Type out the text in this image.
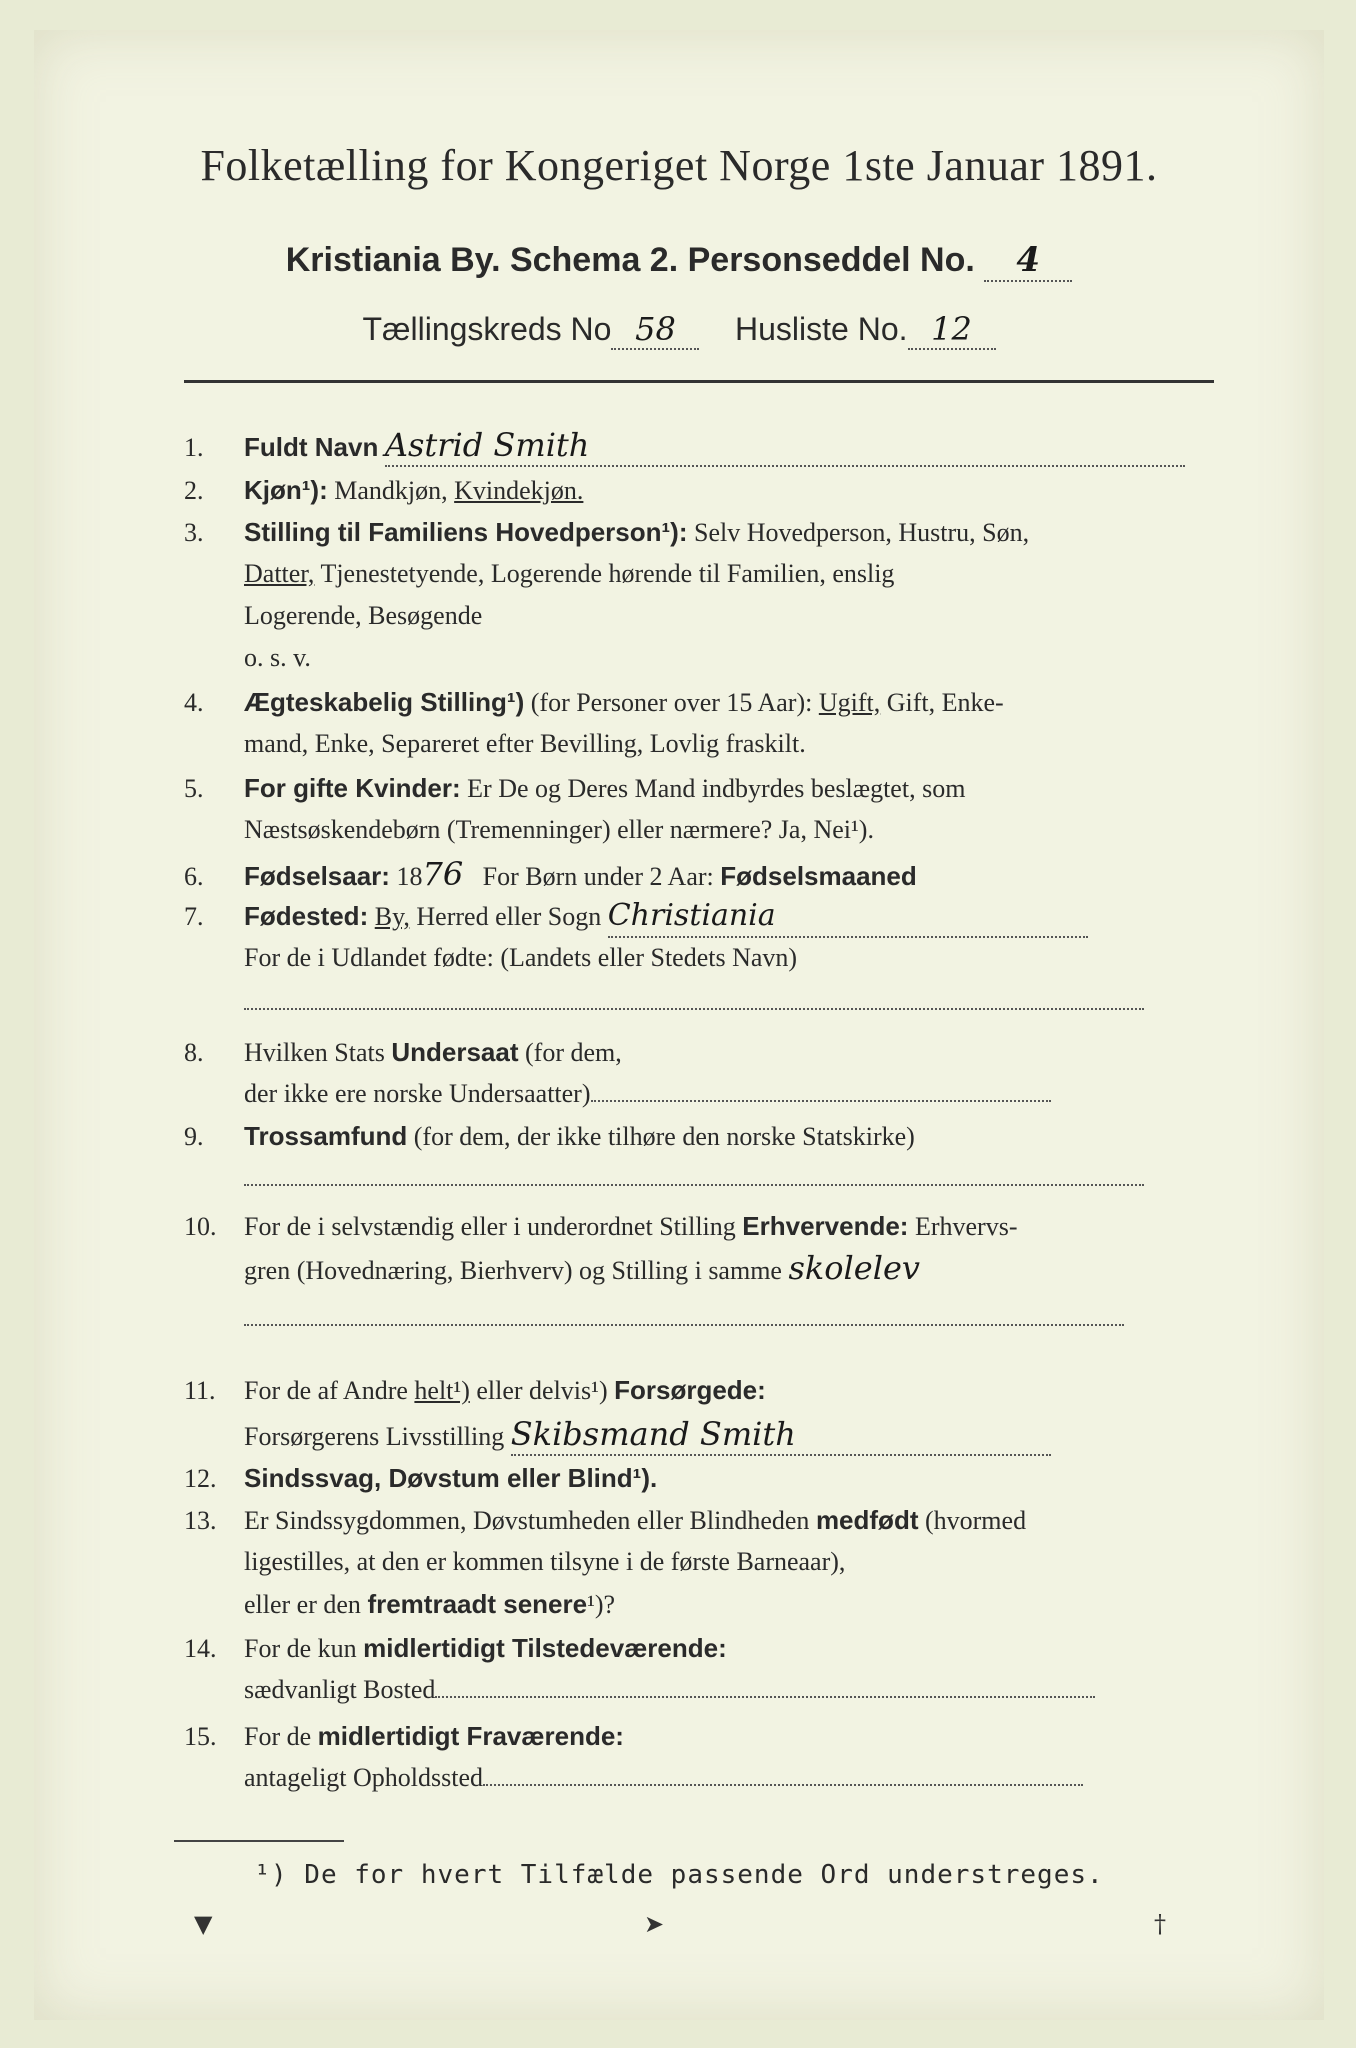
Folketælling for Kongeriget Norge 1ste Januar 1891.
Kristiania By. Schema 2. Personseddel No. 4
Tællingskreds No 58 Husliste No. 12
1. Fuldt Navn Astrid Smith
2. Kjøn¹): Mandkjøn, Kvindekjøn.
3. Stilling til Familiens Hovedperson¹): Selv Hovedperson, Hustru, Søn,
Datter, Tjenestetyende, Logerende hørende til Familien, enslig
Logerende, Besøgende
o. s. v.
4. Ægteskabelig Stilling¹) (for Personer over 15 Aar): Ugift, Gift, Enke-
mand, Enke, Separeret efter Bevilling, Lovlig fraskilt.
5. For gifte Kvinder: Er De og Deres Mand indbyrdes beslægtet, som
Næstsøskendebørn (Tremenninger) eller nærmere? Ja, Nei¹).
6. Fødselsaar: 1876 For Børn under 2 Aar: Fødselsmaaned
7. Fødested: By, Herred eller Sogn Christiania
For de i Udlandet fødte: (Landets eller Stedets Navn)
8. Hvilken Stats Undersaat (for dem,
der ikke ere norske Undersaatter)
9. Trossamfund (for dem, der ikke tilhøre den norske Statskirke)
10. For de i selvstændig eller i underordnet Stilling Erhvervende: Erhvervs-
gren (Hovednæring, Bierhverv) og Stilling i samme skolelev
11. For de af Andre helt¹) eller delvis¹) Forsørgede:
Forsørgerens Livsstilling Skibsmand Smith
12. Sindssvag, Døvstum eller Blind¹).
13. Er Sindssygdommen, Døvstumheden eller Blindheden medfødt (hvormed
ligestilles, at den er kommen tilsyne i de første Barneaar),
eller er den fremtraadt senere¹)?
14. For de kun midlertidigt Tilstedeværende:
sædvanligt Bosted
15. For de midlertidigt Fraværende:
antageligt Opholdssted
¹) De for hvert Tilfælde passende Ord understreges.
▼	➤	†
